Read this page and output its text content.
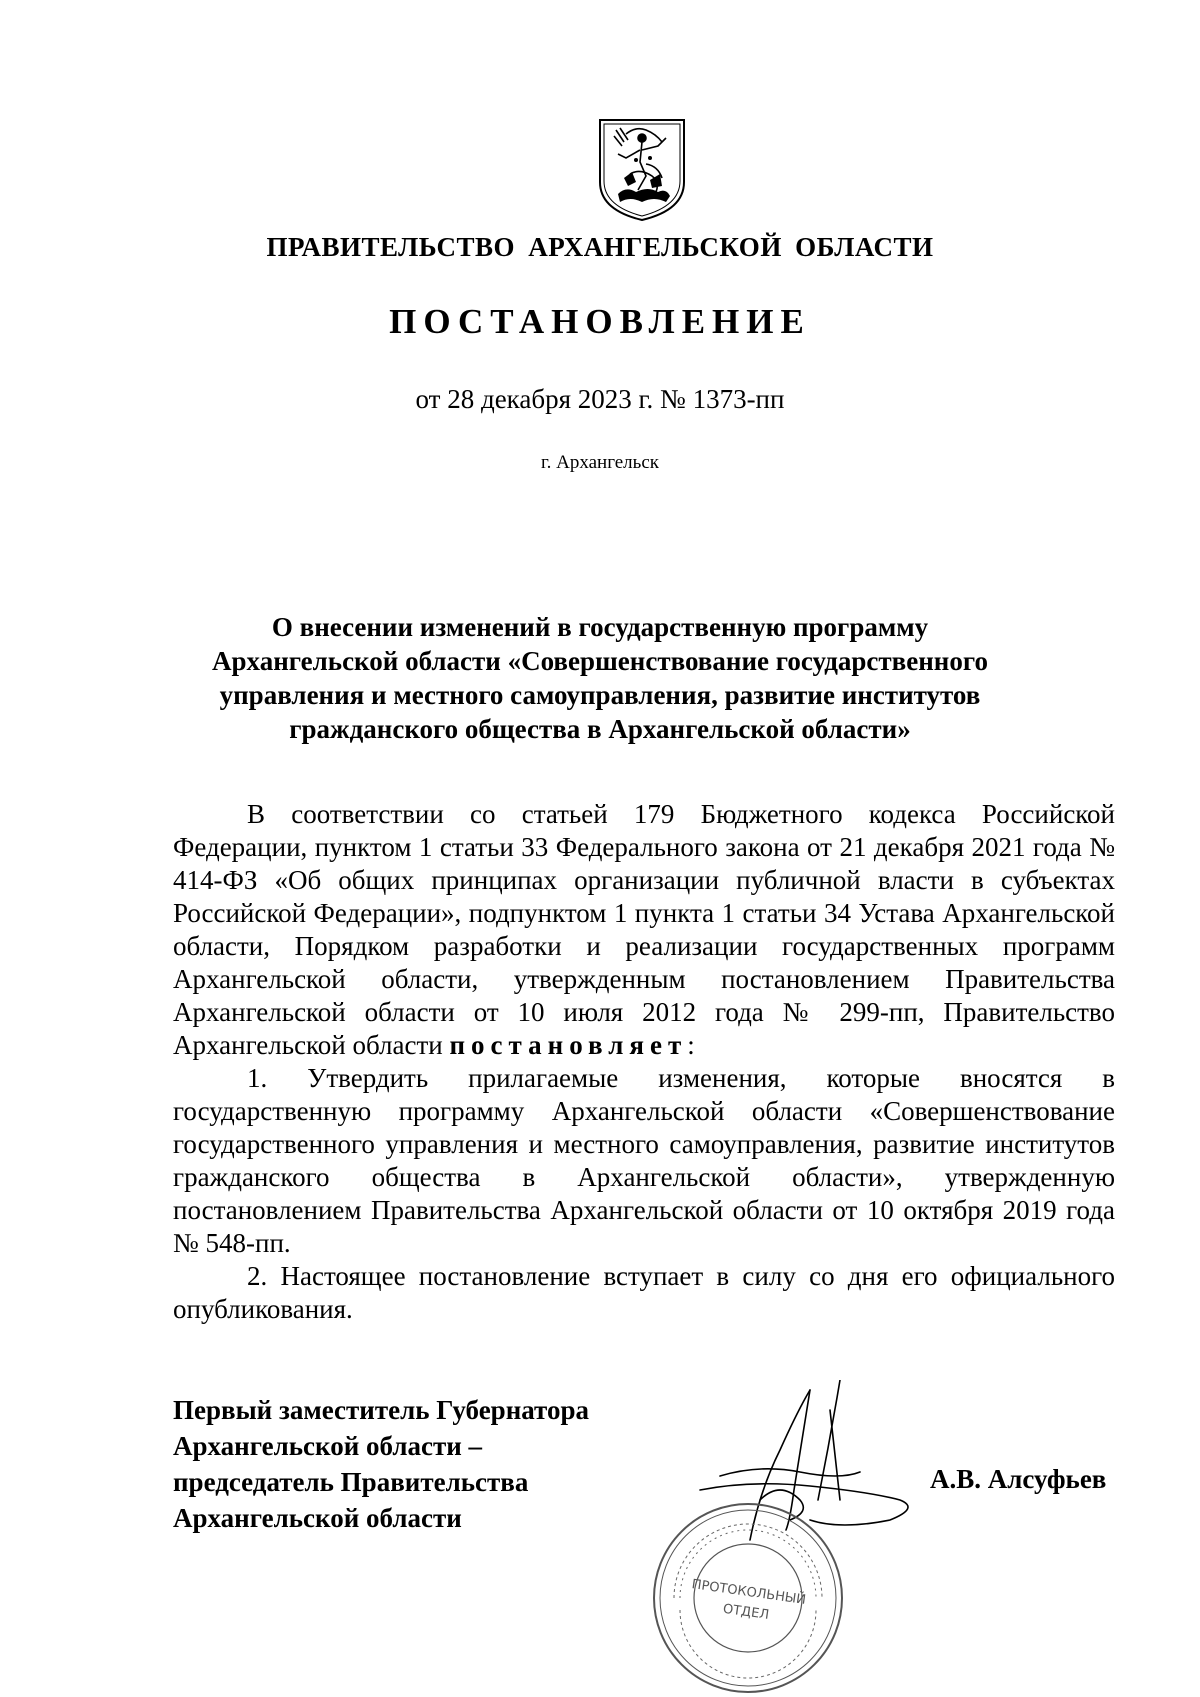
ПРАВИТЕЛЬСТВО АРХАНГЕЛЬСКОЙ ОБЛАСТИ
ПОСТАНОВЛЕНИЕ
от 28 декабря 2023 г. № 1373-пп
г. Архангельск
О внесении изменений в государственную программу
Архангельской области «Совершенствование государственного
управления и местного самоуправления, развитие институтов
гражданского общества в Архангельской области»

В соответствии со статьей 179 Бюджетного кодекса Российской Федерации, пунктом 1 статьи 33 Федерального закона от 21 декабря 2021 года № 414-ФЗ «Об общих принципах организации публичной власти в субъектах Российской Федерации», подпунктом 1 пункта 1 статьи 34 Устава Архангельской области, Порядком разработки и реализации государственных программ Архангельской области, утвержденным постановлением Правительства Архангельской области от 10 июля 2012 года № 299-пп, Правительство Архангельской области постановляет:

1. Утвердить прилагаемые изменения, которые вносятся в государственную программу Архангельской области «Совершенствование государственного управления и местного самоуправления, развитие институтов гражданского общества в Архангельской области», утвержденную постановлением Правительства Архангельской области от 10 октября 2019 года № 548-пп.

2. Настоящее постановление вступает в силу со дня его официального опубликования.

Первый заместитель Губернатора
Архангельской области –
председатель Правительства
Архангельской области
ПРОТОКОЛЬНЫЙ
ОТДЕЛ
А.В. Алсуфьев
